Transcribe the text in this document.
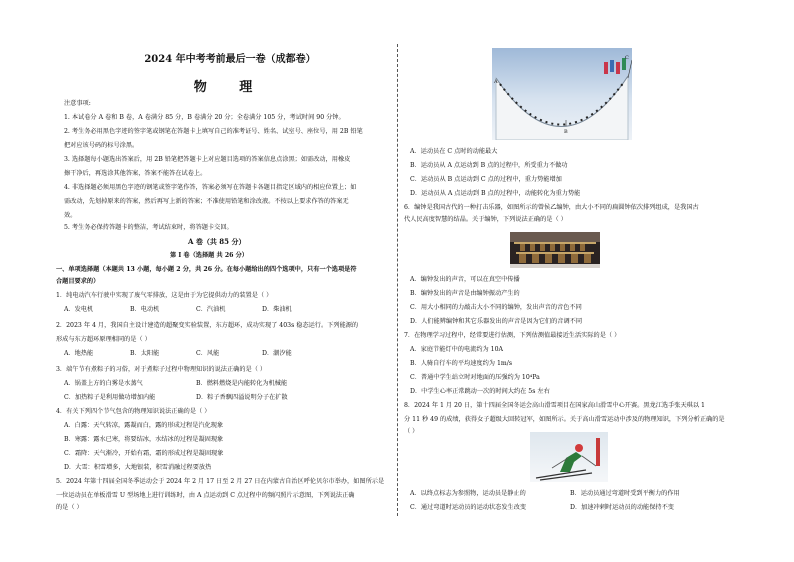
2024 年中考考前最后一卷（成都卷）
物 理
注意事项:
1. 本试卷分 A 卷和 B 卷，A 卷满分 85 分，B 卷满分 20 分；全卷满分 105 分，考试时间 90 分钟。
2. 考生务必用黑色字迹的签字笔或钢笔在答题卡上填写自己的准考证号、姓名、试室号、座位号，用 2B 铅笔
把对应该号码的标号涂黑。
3. 选择题每小题选出答案后，用 2B 铅笔把答题卡上对应题目选项的答案信息点涂黑；如需改动，用橡皮
擦干净后，再选涂其他答案，答案不能答在试卷上。
4. 非选择题必须用黑色字迹的钢笔或签字笔作答，答案必须写在答题卡各题目指定区域内的相应位置上；如
需改动，先划掉原来的答案，然后再写上新的答案；不准使用铅笔和涂改液。不按以上要求作答的答案无
效。
5. 考生务必保持答题卡的整洁，考试结束时，将答题卡交回。
A 卷（共 85 分）
第 Ⅰ 卷（选择题 共 26 分）
一、单项选择题（本题共 13 小题，每小题 2 分，共 26 分。在每小题给出的四个选项中，只有一个选项是符
合题目要求的）
1．纯电动汽车行驶中实现了废气零排放，这是由于为它提供动力的装置是（ ）
A．发电机	B．电动机	C．汽油机	D．柴油机
2．2023 年 4 月，我国自主设计建造的超聚变实验装置，东方超环，成功实现了 403s 稳态运行。下列能源的
形成与东方超环原理相同的是（ ）
A．地热能	B．太阳能	C．风能	D．潮汐能
3．端午节有煮粽子的习俗，对于煮粽子过程中物理知识的说法正确的是（ ）
A．锅盖上方的白雾是水蒸气	B．燃料燃烧是内能转化为机械能
C．加热粽子是利用做功增加内能	D．粽子香飘四溢说明分子在扩散
4．有关下列四个节气包含的物理知识说法正确的是（ ）
A．白露：天气转凉，露凝而白，露的形成过程是汽化现象
B．寒露：露水已寒，将要结冰，水结冰的过程是凝固现象
C．霜降：天气渐冷，开始有霜，霜的形成过程是凝固现象
D．大雪：积雪增多，大地银装，积雪消融过程要放热
5．2024 年第十四届全国冬季运动会于 2024 年 2 月 17 日至 2 月 27 日在内蒙古自治区呼伦贝尔市举办，如图所示是
一位运动员在单板滑雪 U 型场地上进行训练时，由 A 点运动到 C 点过程中的频闪照片示意图，下列说法正确
的是（ ）
A
B
C
A．运动员在 C 点时的动能最大
B．运动员从 A 点运动到 B 点的过程中，所受重力不做功
C．运动员从 B 点运动到 C 点的过程中，重力势能增加
D．运动员从 A 点运动到 B 点的过程中，动能转化为重力势能
6．编钟是我国古代的一种打击乐器，如图所示的曾侯乙编钟，由大小不同的扁圆钟依次排列组成，是我国古
代人民高度智慧的结晶。关于编钟，下列说法正确的是（ ）
A．编钟发出的声音，可以在真空中传播
B．编钟发出的声音是由编钟振动产生的
C．用大小相同的力敲击大小不同的编钟，发出声音的音色不同
D．人们能辨编钟和其它乐器发出的声音是因为它们的音调不同
7．在物理学习过程中，经常要进行估测，下列估测值最接近生活实际的是（ ）
A．家庭节能灯中的电流约为 10A
B．人骑自行车的平均速度约为 1m/s
C．普通中学生站立时对地面的压强约为 10⁴Pa
D．中学生心率正常跳动一次的时间大约在 5s 左右
8．2024 年 1 月 20 日，第十四届全国冬运会高山滑雪项目在国家高山滑雪中心开赛。黑龙江选手张天琪以 1
分 11 秒 49 的成绩，获得女子超级大回转冠军，如图所示。关于高山滑雪运动中涉及的物理知识，下列分析正确的是
（ ）
A．以终点标志为参照物，运动员是静止的	B．运动员通过弯道时受到平衡力的作用
C．通过弯道时运动员的运动状态发生改变	D．加速冲刺时运动员的动能保持不变
